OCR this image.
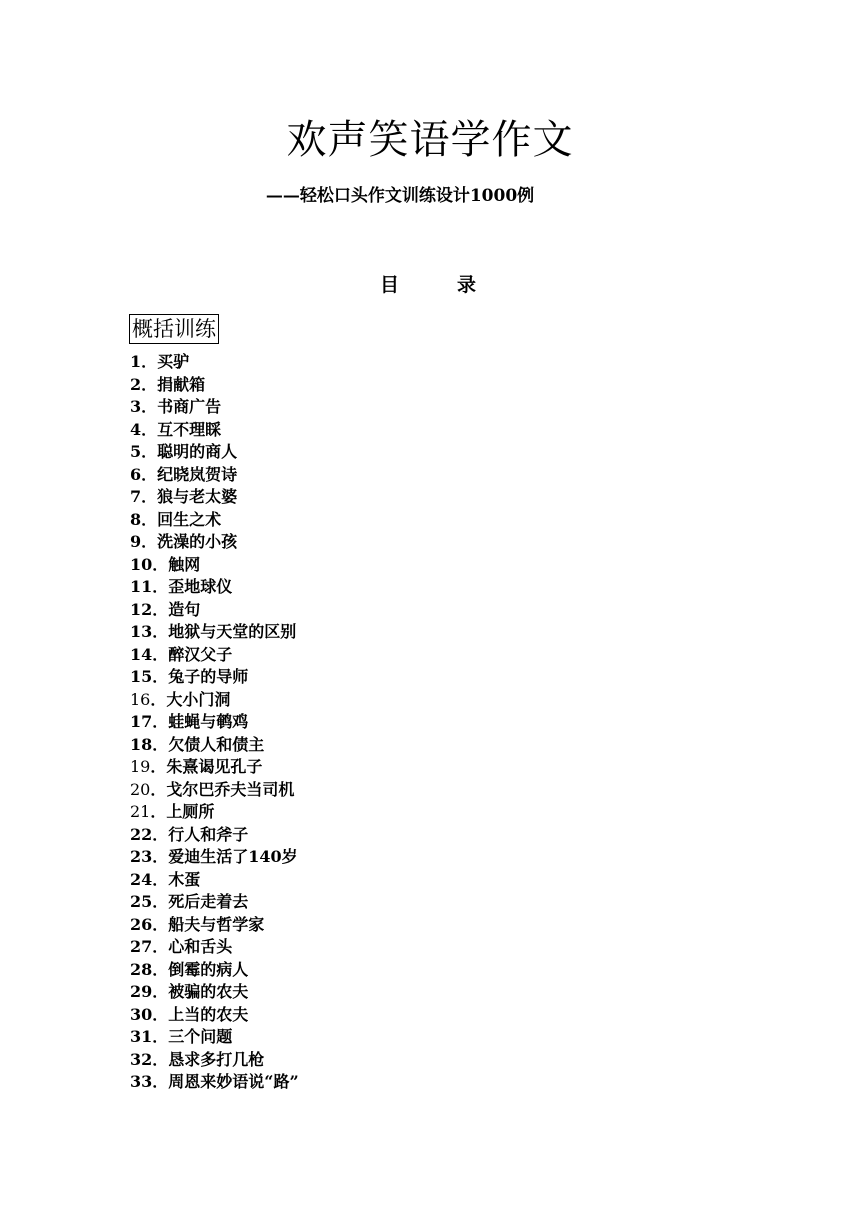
欢声笑语学作文
——轻松口头作文训练设计1000例
目	录
概括训练
1．买驴
2．捐献箱
3．书商广告
4．互不理睬
5．聪明的商人
6．纪晓岚贺诗
7．狼与老太婆
8．回生之术
9．洗澡的小孩
10．触网
11．歪地球仪
12．造句
13．地狱与天堂的区别
14．醉汉父子
15．兔子的导师
16．大小门洞
17．蛙蝇与鹌鸡
18．欠债人和债主
19．朱熹谒见孔子
20．戈尔巴乔夫当司机
21．上厕所
22．行人和斧子
23．爱迪生活了140岁
24．木蛋
25．死后走着去
26．船夫与哲学家
27．心和舌头
28．倒霉的病人
29．被骗的农夫
30．上当的农夫
31．三个问题
32．恳求多打几枪
33．周恩来妙语说“路”
